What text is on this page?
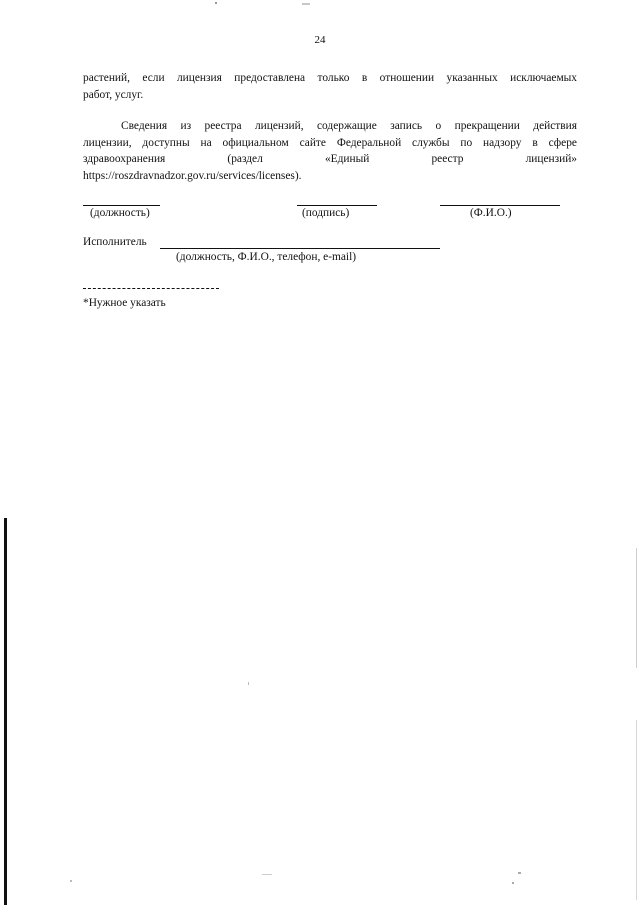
24
растений, если лицензия предоставлена только в отношении указанных исключаемых
работ, услуг.
Сведения из реестра лицензий, содержащие запись о прекращении действия
лицензии, доступны на официальном сайте Федеральной службы по надзору в сфере
здравоохранения (раздел «Единый реестр лицензий»
https://roszdravnadzor.gov.ru/services/licenses).
(должность)	(подпись)	(Ф.И.О.)
Исполнитель
(должность, Ф.И.О., телефон, e-mail)
*Нужное указать
